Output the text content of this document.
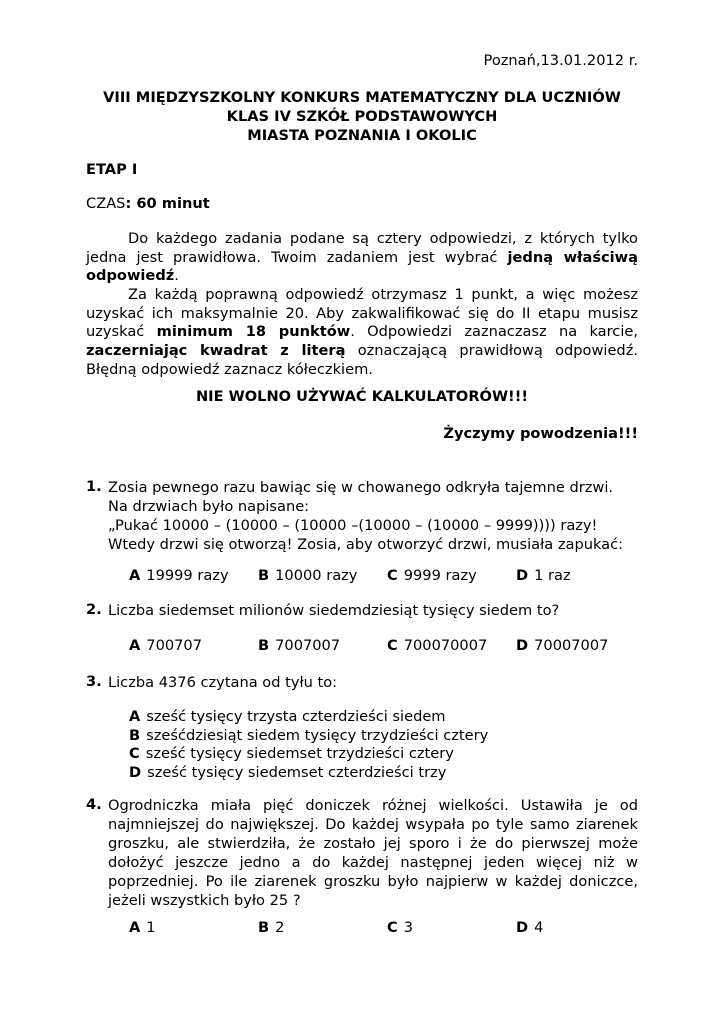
Poznań,13.01.2012 r.
VIII MIĘDZYSZKOLNY KONKURS MATEMATYCZNY DLA UCZNIÓW
KLAS IV SZKÓŁ PODSTAWOWYCH
MIASTA POZNANIA I OKOLIC
ETAP I
CZAS: 60 minut
Do każdego zadania podane są cztery odpowiedzi, z których tylko jedna jest prawidłowa. Twoim zadaniem jest wybrać jedną właściwą odpowiedź.
Za każdą poprawną odpowiedź otrzymasz 1 punkt, a więc możesz uzyskać ich maksymalnie 20. Aby zakwalifikować się do II etapu musisz uzyskać minimum 18 punktów. Odpowiedzi zaznaczasz na karcie, zaczerniając kwadrat z literą oznaczającą prawidłową odpowiedź. Błędną odpowiedź zaznacz kółeczkiem.
NIE WOLNO UŻYWAĆ KALKULATORÓW!!!
Życzymy powodzenia!!!
1. Zosia pewnego razu bawiąc się w chowanego odkryła tajemne drzwi.
Na drzwiach było napisane:
„Pukać 10000 – (10000 – (10000 –(10000 – (10000 – 9999)))) razy!
Wtedy drzwi się otworzą! Zosia, aby otworzyć drzwi, musiała zapukać:
A 19999 razy B 10000 razy C 9999 razy	D 1 raz
2. Liczba siedemset milionów siedemdziesiąt tysięcy siedem to?
A 700707	B 7007007	C 700070007 D 70007007
3. Liczba 4376 czytana od tyłu to:
A sześć tysięcy trzysta czterdzieści siedem
B sześćdziesiąt siedem tysięcy trzydzieści cztery
C sześć tysięcy siedemset trzydzieści cztery
D sześć tysięcy siedemset czterdzieści trzy
4. Ogrodniczka miała pięć doniczek różnej wielkości. Ustawiła je od najmniejszej do największej. Do każdej wsypała po tyle samo ziarenek groszku, ale stwierdziła, że zostało jej sporo i że do pierwszej może dołożyć jeszcze jedno a do każdej następnej jeden więcej niż w poprzedniej. Po ile ziarenek groszku było najpierw w każdej doniczce, jeżeli wszystkich było 25 ?
A 1	B 2	C 3	D 4
